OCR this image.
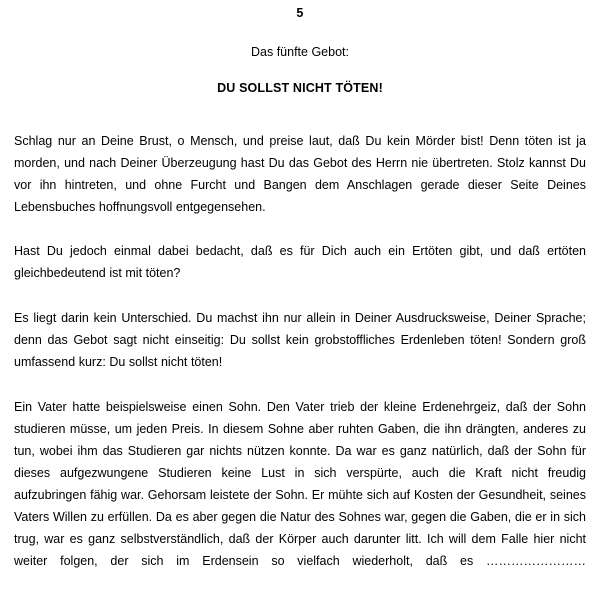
5
Das fünfte Gebot:
DU SOLLST NICHT TÖTEN!

Schlag nur an Deine Brust, o Mensch, und preise laut, daß Du kein Mörder bist! Denn töten ist ja morden, und nach Deiner Überzeugung hast Du das Gebot des Herrn nie übertreten. Stolz kannst Du vor ihn hintreten, und ohne Furcht und Bangen dem Anschlagen gerade dieser Seite Deines Lebensbuches hoffnungsvoll entgegensehen.

Hast Du jedoch einmal dabei bedacht, daß es für Dich auch ein Ertöten gibt, und daß ertöten gleichbedeutend ist mit töten?

Es liegt darin kein Unterschied. Du machst ihn nur allein in Deiner Ausdrucksweise, Deiner Sprache; denn das Gebot sagt nicht einseitig: Du sollst kein grobstoffliches Erdenleben töten! Sondern groß umfassend kurz: Du sollst nicht töten!

Ein Vater hatte beispielsweise einen Sohn. Den Vater trieb der kleine Erdenehrgeiz, daß der Sohn studieren müsse, um jeden Preis. In diesem Sohne aber ruhten Gaben, die ihn drängten, anderes zu tun, wobei ihm das Studieren gar nichts nützen konnte. Da war es ganz natürlich, daß der Sohn für dieses aufgezwungene Studieren keine Lust in sich verspürte, auch die Kraft nicht freudig aufzubringen fähig war. Gehorsam leistete der Sohn. Er mühte sich auf Kosten der Gesundheit, seines Vaters Willen zu erfüllen. Da es aber gegen die Natur des Sohnes war, gegen die Gaben, die er in sich trug, war es ganz selbstverständlich, daß der Körper auch darunter litt. Ich will dem Falle hier nicht weiter folgen, der sich im Erdensein so vielfach wiederholt, daß es ……………………
